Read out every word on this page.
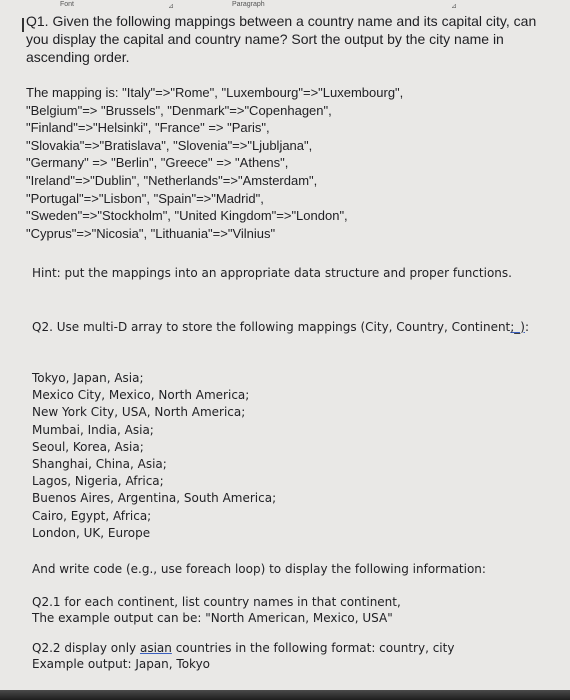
Font	⊿	Paragraph	⊿

Q1. Given the following mappings between a country name and its capital city, can you display the capital and country name? Sort the output by the city name in ascending order.

The mapping is: "Italy"=>"Rome", "Luxembourg"=>"Luxembourg",

"Belgium"=> "Brussels", "Denmark"=>"Copenhagen",

"Finland"=>"Helsinki", "France" => "Paris",

"Slovakia"=>"Bratislava", "Slovenia"=>"Ljubljana",

"Germany" => "Berlin", "Greece" => "Athens",

"Ireland"=>"Dublin", "Netherlands"=>"Amsterdam",

"Portugal"=>"Lisbon", "Spain"=>"Madrid",

"Sweden"=>"Stockholm", "United Kingdom"=>"London",

"Cyprus"=>"Nicosia", "Lithuania"=>"Vilnius"

Hint: put the mappings into an appropriate data structure and proper functions.
Q2. Use multi-D array to store the following mappings (City, Country, Continent;_):

Tokyo, Japan, Asia;

Mexico City, Mexico, North America;

New York City, USA, North America;

Mumbai, India, Asia;

Seoul, Korea, Asia;

Shanghai, China, Asia;

Lagos, Nigeria, Africa;

Buenos Aires, Argentina, South America;

Cairo, Egypt, Africa;

London, UK, Europe

And write code (e.g., use foreach loop) to display the following information:

Q2.1 for each continent, list country names in that continent,

The example output can be: "North American, Mexico, USA"

Q2.2 display only asian countries in the following format: country, city

Example output: Japan, Tokyo
